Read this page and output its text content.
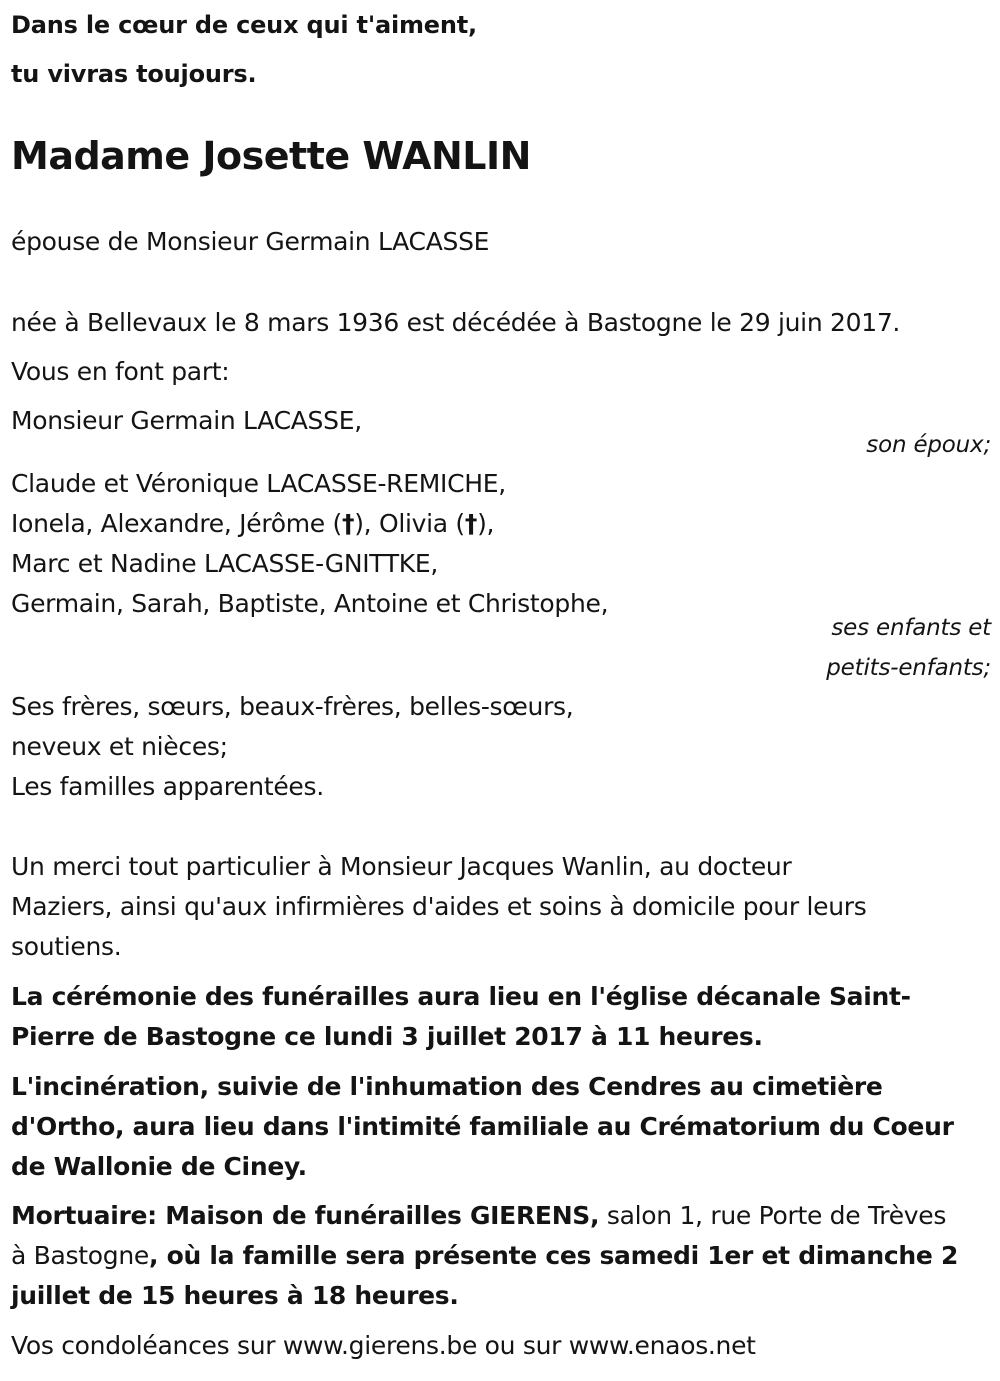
Dans le cœur de ceux qui t'aiment,
tu vivras toujours.
Madame Josette WANLIN
épouse de Monsieur Germain LACASSE
née à Bellevaux le 8 mars 1936 est décédée à Bastogne le 29 juin 2017.
Vous en font part:
Monsieur Germain LACASSE,
son époux;
Claude et Véronique LACASSE-REMICHE,
Ionela, Alexandre, Jérôme (†), Olivia (†),
Marc et Nadine LACASSE-GNITTKE,
Germain, Sarah, Baptiste, Antoine et Christophe,
ses enfants et
petits-enfants;
Ses frères, sœurs, beaux-frères, belles-sœurs,
neveux et nièces;
Les familles apparentées.
Un merci tout particulier à Monsieur Jacques Wanlin, au docteur
Maziers, ainsi qu'aux infirmières d'aides et soins à domicile pour leurs
soutiens.
La cérémonie des funérailles aura lieu en l'église décanale Saint-
Pierre de Bastogne ce lundi 3 juillet 2017 à 11 heures.
L'incinération, suivie de l'inhumation des Cendres au cimetière
d'Ortho, aura lieu dans l'intimité familiale au Crématorium du Coeur
de Wallonie de Ciney.
Mortuaire: Maison de funérailles GIERENS, salon 1, rue Porte de Trèves
à Bastogne, où la famille sera présente ces samedi 1er et dimanche 2
juillet de 15 heures à 18 heures.
Vos condoléances sur www.gierens.be ou sur www.enaos.net
